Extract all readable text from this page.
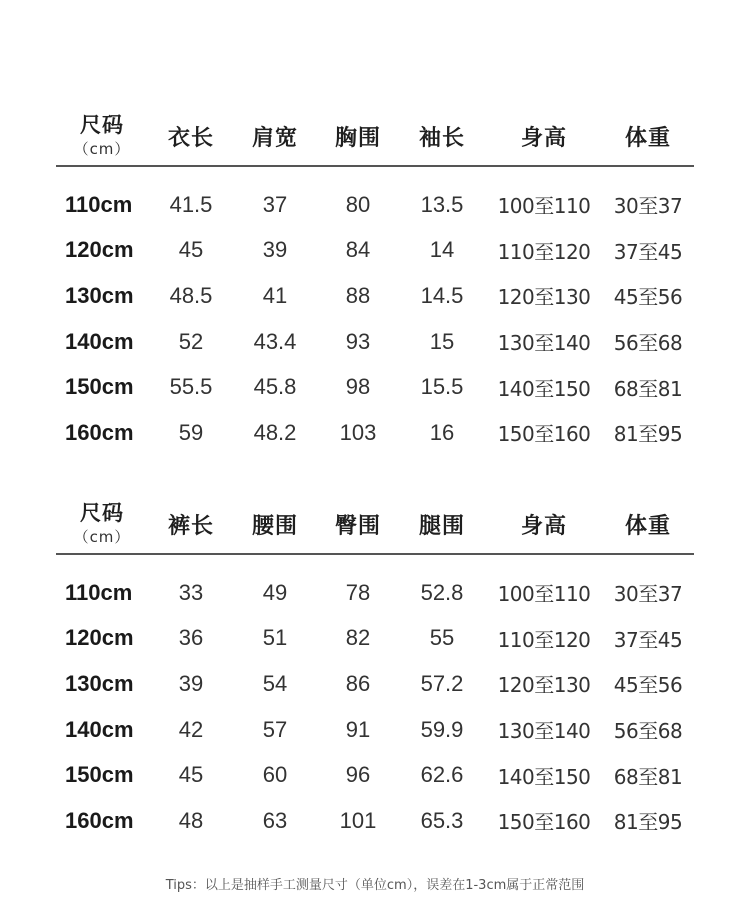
尺码
（cm）	衣长	肩宽	胸围	袖长	身高	体重
110cm	41.5	37	80	13.5	100至110	30至37
120cm	45	39	84	14	110至120	37至45
130cm	48.5	41	88	14.5	120至130	45至56
140cm	52	43.4	93	15	130至140	56至68
150cm	55.5	45.8	98	15.5	140至150	68至81
160cm	59	48.2	103	16	150至160	81至95
尺码
（cm）	裤长	腰围	臀围	腿围	身高	体重
110cm	33	49	78	52.8	100至110	30至37
120cm	36	51	82	55	110至120	37至45
130cm	39	54	86	57.2	120至130	45至56
140cm	42	57	91	59.9	130至140	56至68
150cm	45	60	96	62.6	140至150	68至81
160cm	48	63	101	65.3	150至160	81至95
Tips：以上是抽样手工测量尺寸（单位cm），误差在1-3cm属于正常范围
